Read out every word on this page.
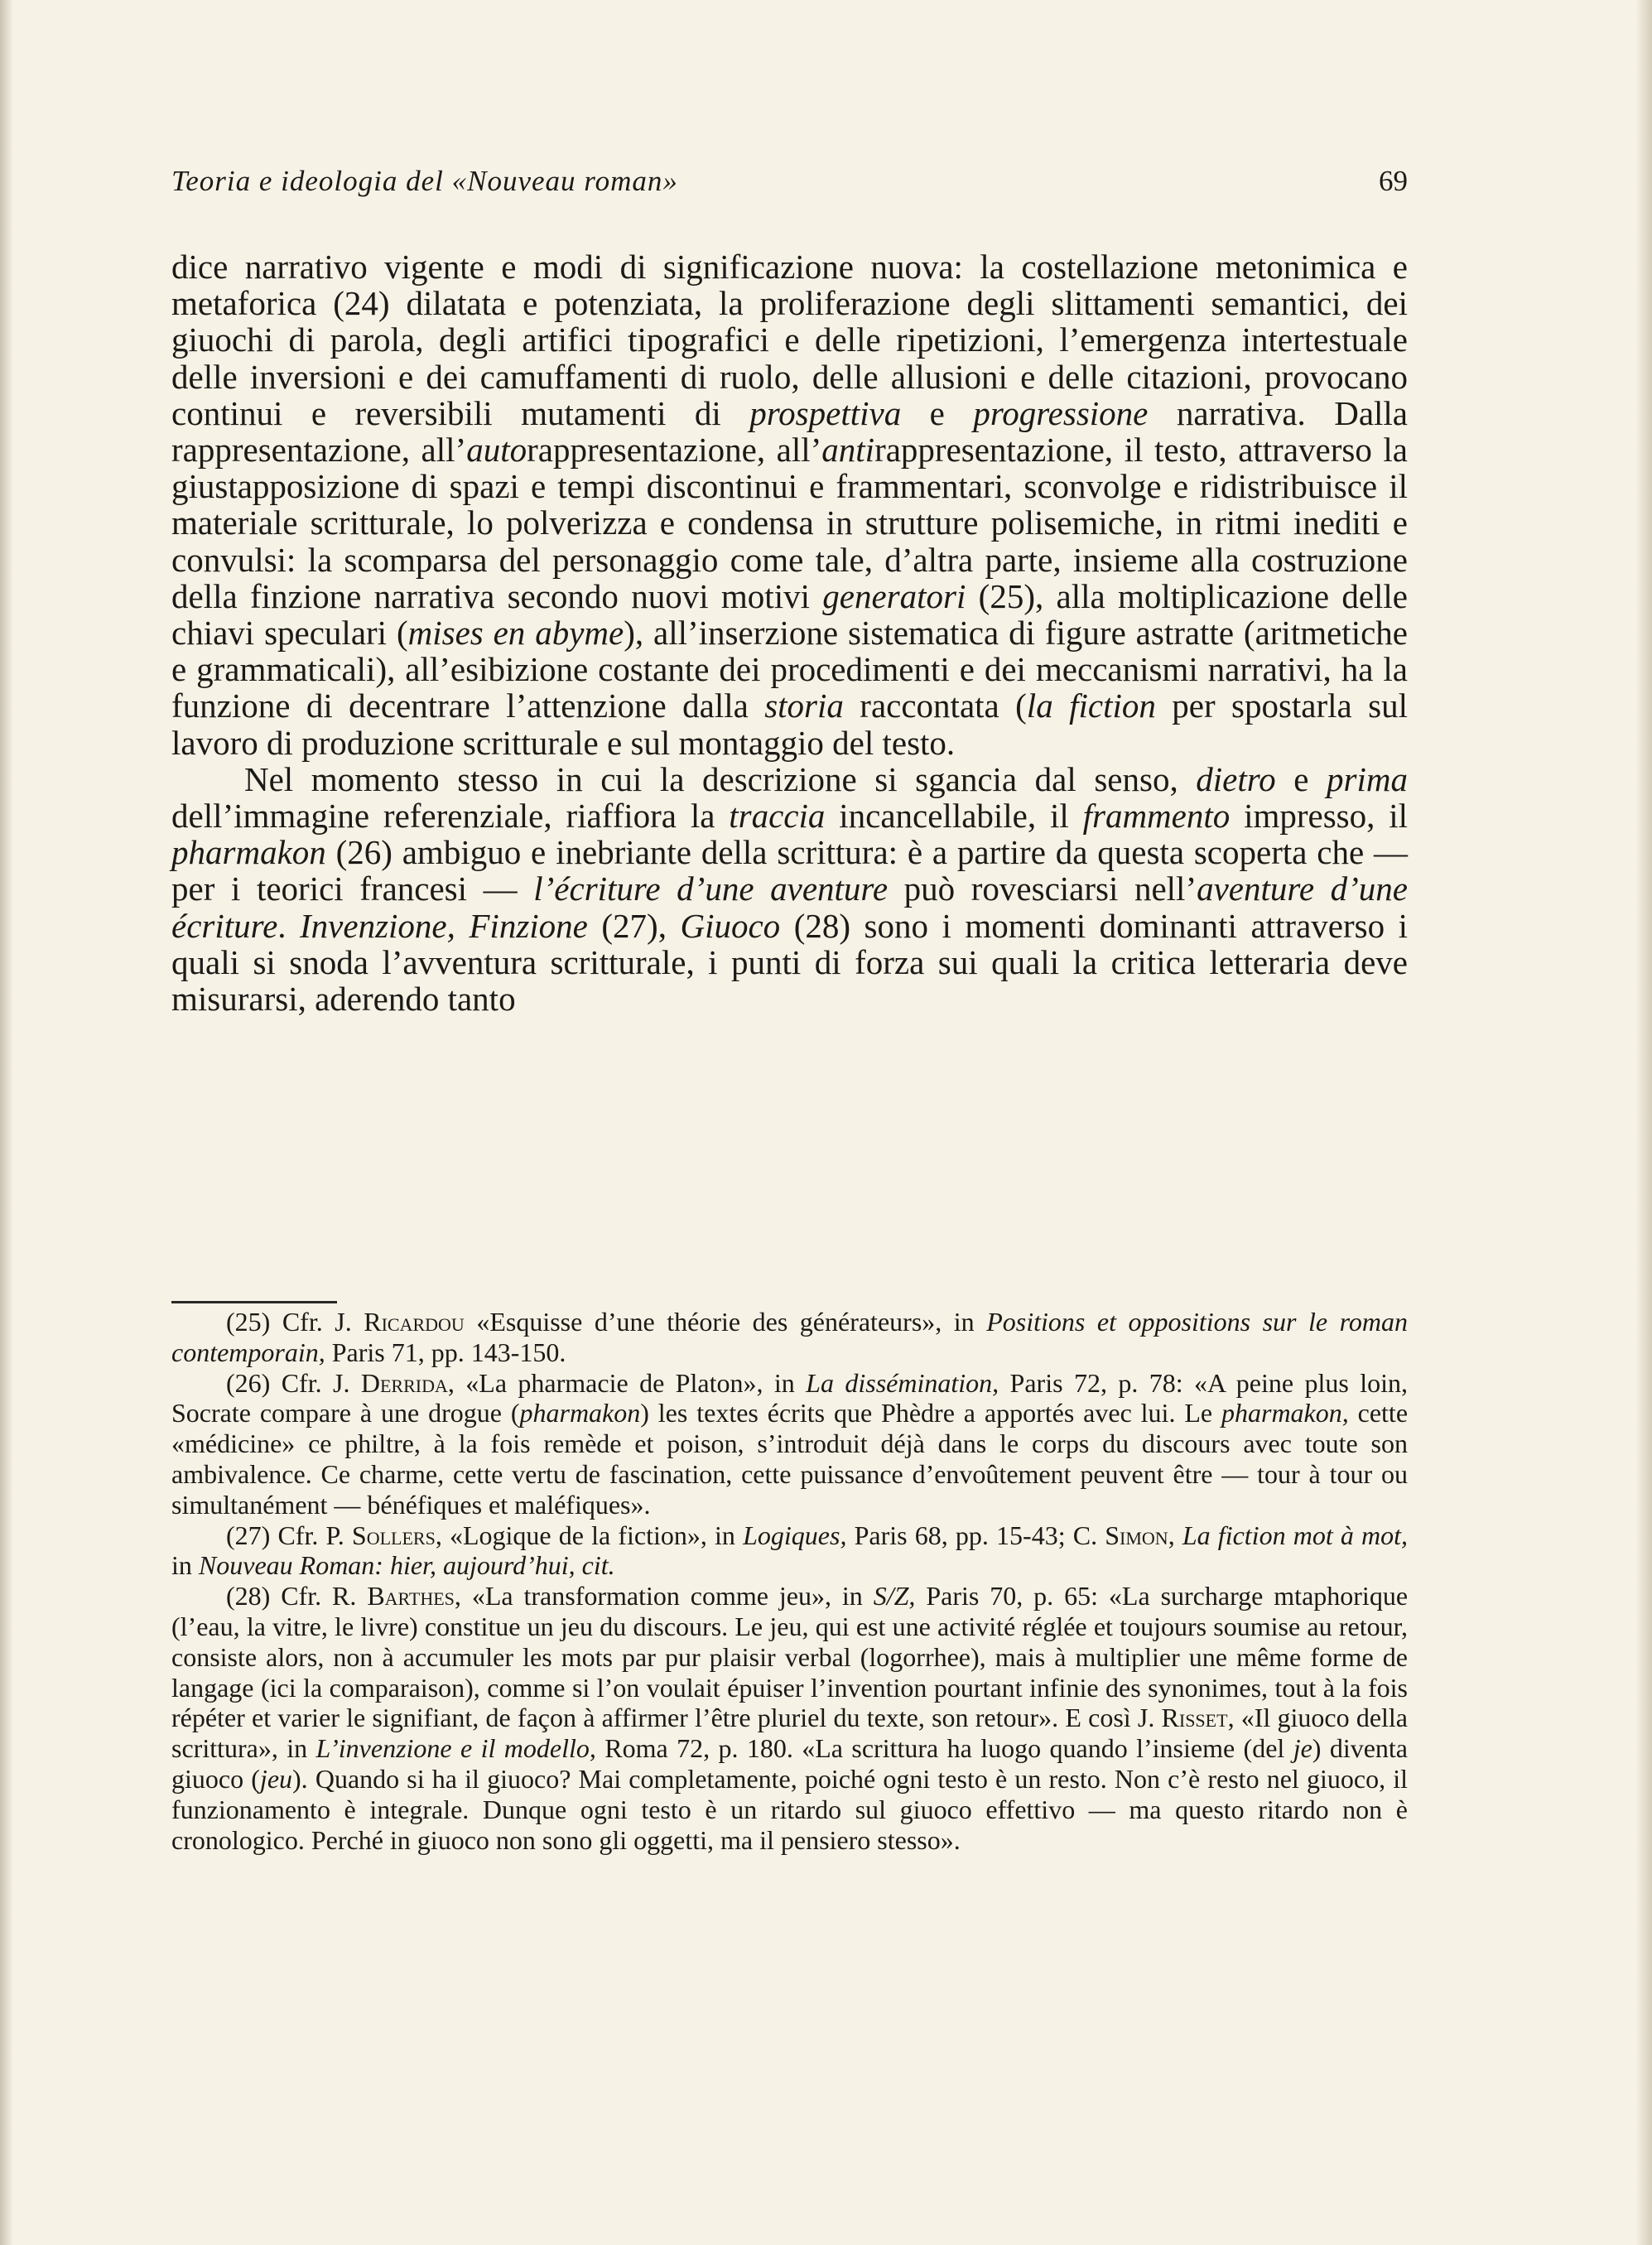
Teoria e ideologia del «Nouveau roman»	69

dice narrativo vigente e modi di significazione nuova: la costellazione metonimica e metaforica (24) dilatata e potenziata, la proliferazione degli slittamenti semantici, dei giuochi di parola, degli artifici tipografici e delle ripetizioni, l’emergenza intertestuale delle inversioni e dei camuffamenti di ruolo, delle allusioni e delle citazioni, provocano continui e reversibili mutamenti di prospettiva e progressione narrativa. Dalla rappresentazione, all’autorappresentazione, all’antirappresentazione, il testo, attraverso la giustapposizione di spazi e tempi discontinui e frammentari, sconvolge e ridistribuisce il materiale scritturale, lo polverizza e condensa in strutture polisemiche, in ritmi inediti e convulsi: la scomparsa del personaggio come tale, d’altra parte, insieme alla costruzione della finzione narrativa secondo nuovi motivi generatori (25), alla moltiplicazione delle chiavi speculari (mises en abyme), all’inserzione sistematica di figure astratte (aritmetiche e grammaticali), all’esibizione costante dei procedimenti e dei meccanismi narrativi, ha la funzione di decentrare l’attenzione dalla storia raccontata (la fiction per spostarla sul lavoro di produzione scritturale e sul montaggio del testo.

Nel momento stesso in cui la descrizione si sgancia dal senso, dietro e prima dell’immagine referenziale, riaffiora la traccia incancellabile, il frammento impresso, il pharmakon (26) ambiguo e inebriante della scrittura: è a partire da questa scoperta che — per i teorici francesi — l’écriture d’une aventure può rovesciarsi nell’aventure d’une écriture. Invenzione, Finzione (27), Giuoco (28) sono i momenti dominanti attraverso i quali si snoda l’avventura scritturale, i punti di forza sui quali la critica letteraria deve misurarsi, aderendo tanto

(25) Cfr. J. Ricardou «Esquisse d’une théorie des générateurs», in Positions et oppositions sur le roman contemporain, Paris 71, pp. 143-150.

(26) Cfr. J. Derrida, «La pharmacie de Platon», in La dissémination, Paris 72, p. 78: «A peine plus loin, Socrate compare à une drogue (pharmakon) les textes écrits que Phèdre a apportés avec lui. Le pharmakon, cette «médicine» ce philtre, à la fois remède et poison, s’introduit déjà dans le corps du discours avec toute son ambivalence. Ce charme, cette vertu de fascination, cette puissance d’envoûtement peuvent être — tour à tour ou simultanément — bénéfiques et maléfiques».

(27) Cfr. P. Sollers, «Logique de la fiction», in Logiques, Paris 68, pp. 15-43; C. Simon, La fiction mot à mot, in Nouveau Roman: hier, aujourd’hui, cit.

(28) Cfr. R. Barthes, «La transformation comme jeu», in S/Z, Paris 70, p. 65: «La surcharge mtaphorique (l’eau, la vitre, le livre) constitue un jeu du discours. Le jeu, qui est une activité réglée et toujours soumise au retour, consiste alors, non à accumuler les mots par pur plaisir verbal (logorrhee), mais à multiplier une même forme de langage (ici la comparaison), comme si l’on voulait épuiser l’invention pourtant infinie des synonimes, tout à la fois répéter et varier le signifiant, de façon à affirmer l’être pluriel du texte, son retour». E così J. Risset, «Il giuoco della scrittura», in L’invenzione e il modello, Roma 72, p. 180. «La scrittura ha luogo quando l’insieme (del je) diventa giuoco (jeu). Quando si ha il giuoco? Mai completamente, poiché ogni testo è un resto. Non c’è resto nel giuoco, il funzionamento è integrale. Dunque ogni testo è un ritardo sul giuoco effettivo — ma questo ritardo non è cronologico. Perché in giuoco non sono gli oggetti, ma il pensiero stesso».
